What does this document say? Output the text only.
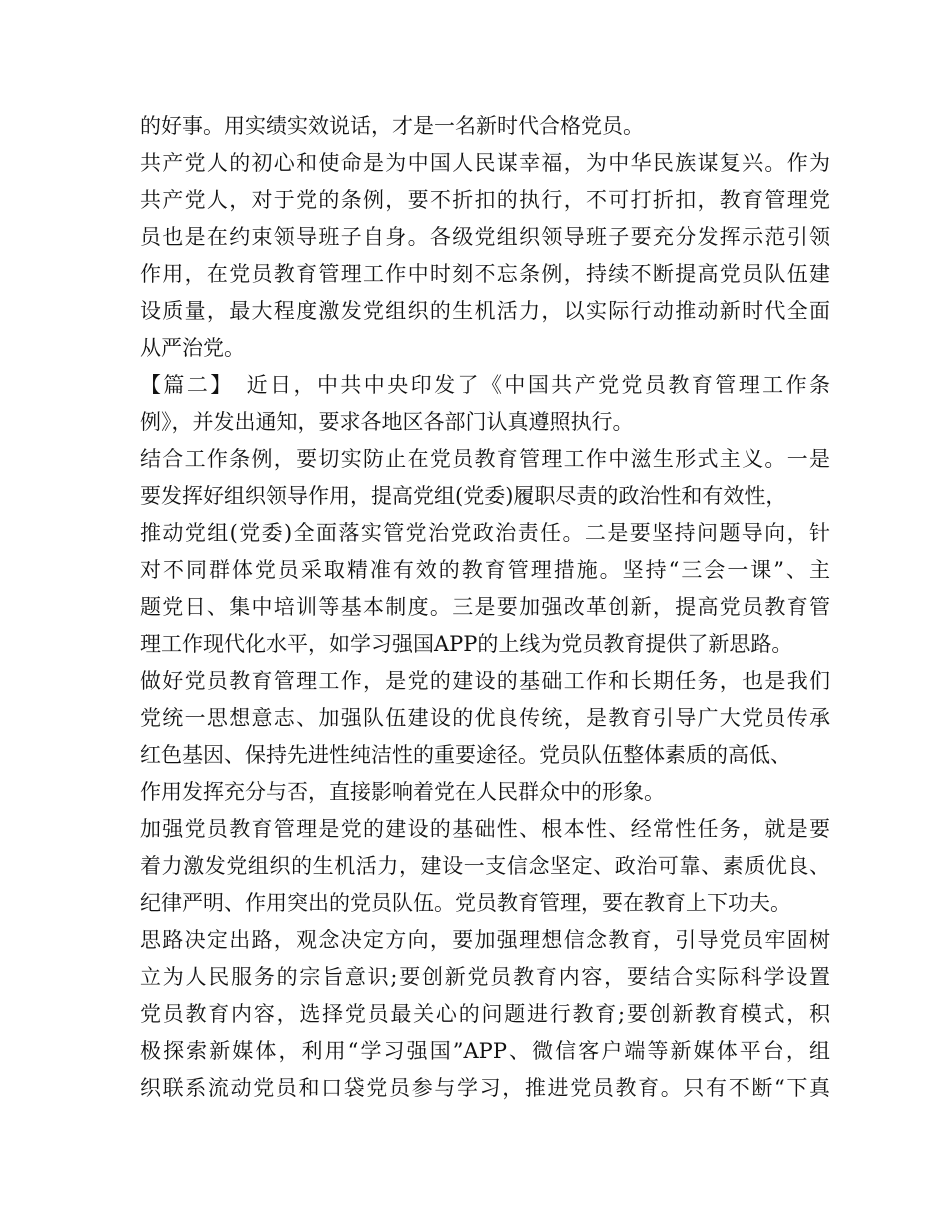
的好事。用实绩实效说话，才是一名新时代合格党员。
共产党人的初心和使命是为中国人民谋幸福，为中华民族谋复兴。作为
共产党人，对于党的条例，要不折扣的执行，不可打折扣，教育管理党
员也是在约束领导班子自身。各级党组织领导班子要充分发挥示范引领
作用，在党员教育管理工作中时刻不忘条例，持续不断提高党员队伍建
设质量，最大程度激发党组织的生机活力，以实际行动推动新时代全面
从严治党。
【篇二】　近日，中共中央印发了《中国共产党党员教育管理工作条
例》，并发出通知，要求各地区各部门认真遵照执行。
结合工作条例，要切实防止在党员教育管理工作中滋生形式主义。一是
要发挥好组织领导作用，提高党组(党委)履职尽责的政治性和有效性，
推动党组(党委)全面落实管党治党政治责任。二是要坚持问题导向，针
对不同群体党员采取精准有效的教育管理措施。坚持“三会一课”、主
题党日、集中培训等基本制度。三是要加强改革创新，提高党员教育管
理工作现代化水平，如学习强国APP的上线为党员教育提供了新思路。
做好党员教育管理工作，是党的建设的基础工作和长期任务，也是我们
党统一思想意志、加强队伍建设的优良传统，是教育引导广大党员传承
红色基因、保持先进性纯洁性的重要途径。党员队伍整体素质的高低、
作用发挥充分与否，直接影响着党在人民群众中的形象。
加强党员教育管理是党的建设的基础性、根本性、经常性任务，就是要
着力激发党组织的生机活力，建设一支信念坚定、政治可靠、素质优良、
纪律严明、作用突出的党员队伍。党员教育管理，要在教育上下功夫。
思路决定出路，观念决定方向，要加强理想信念教育，引导党员牢固树
立为人民服务的宗旨意识;要创新党员教育内容，要结合实际科学设置
党员教育内容，选择党员最关心的问题进行教育;要创新教育模式，积
极探索新媒体，利用“学习强国”APP、微信客户端等新媒体平台，组
织联系流动党员和口袋党员参与学习，推进党员教育。只有不断“下真
